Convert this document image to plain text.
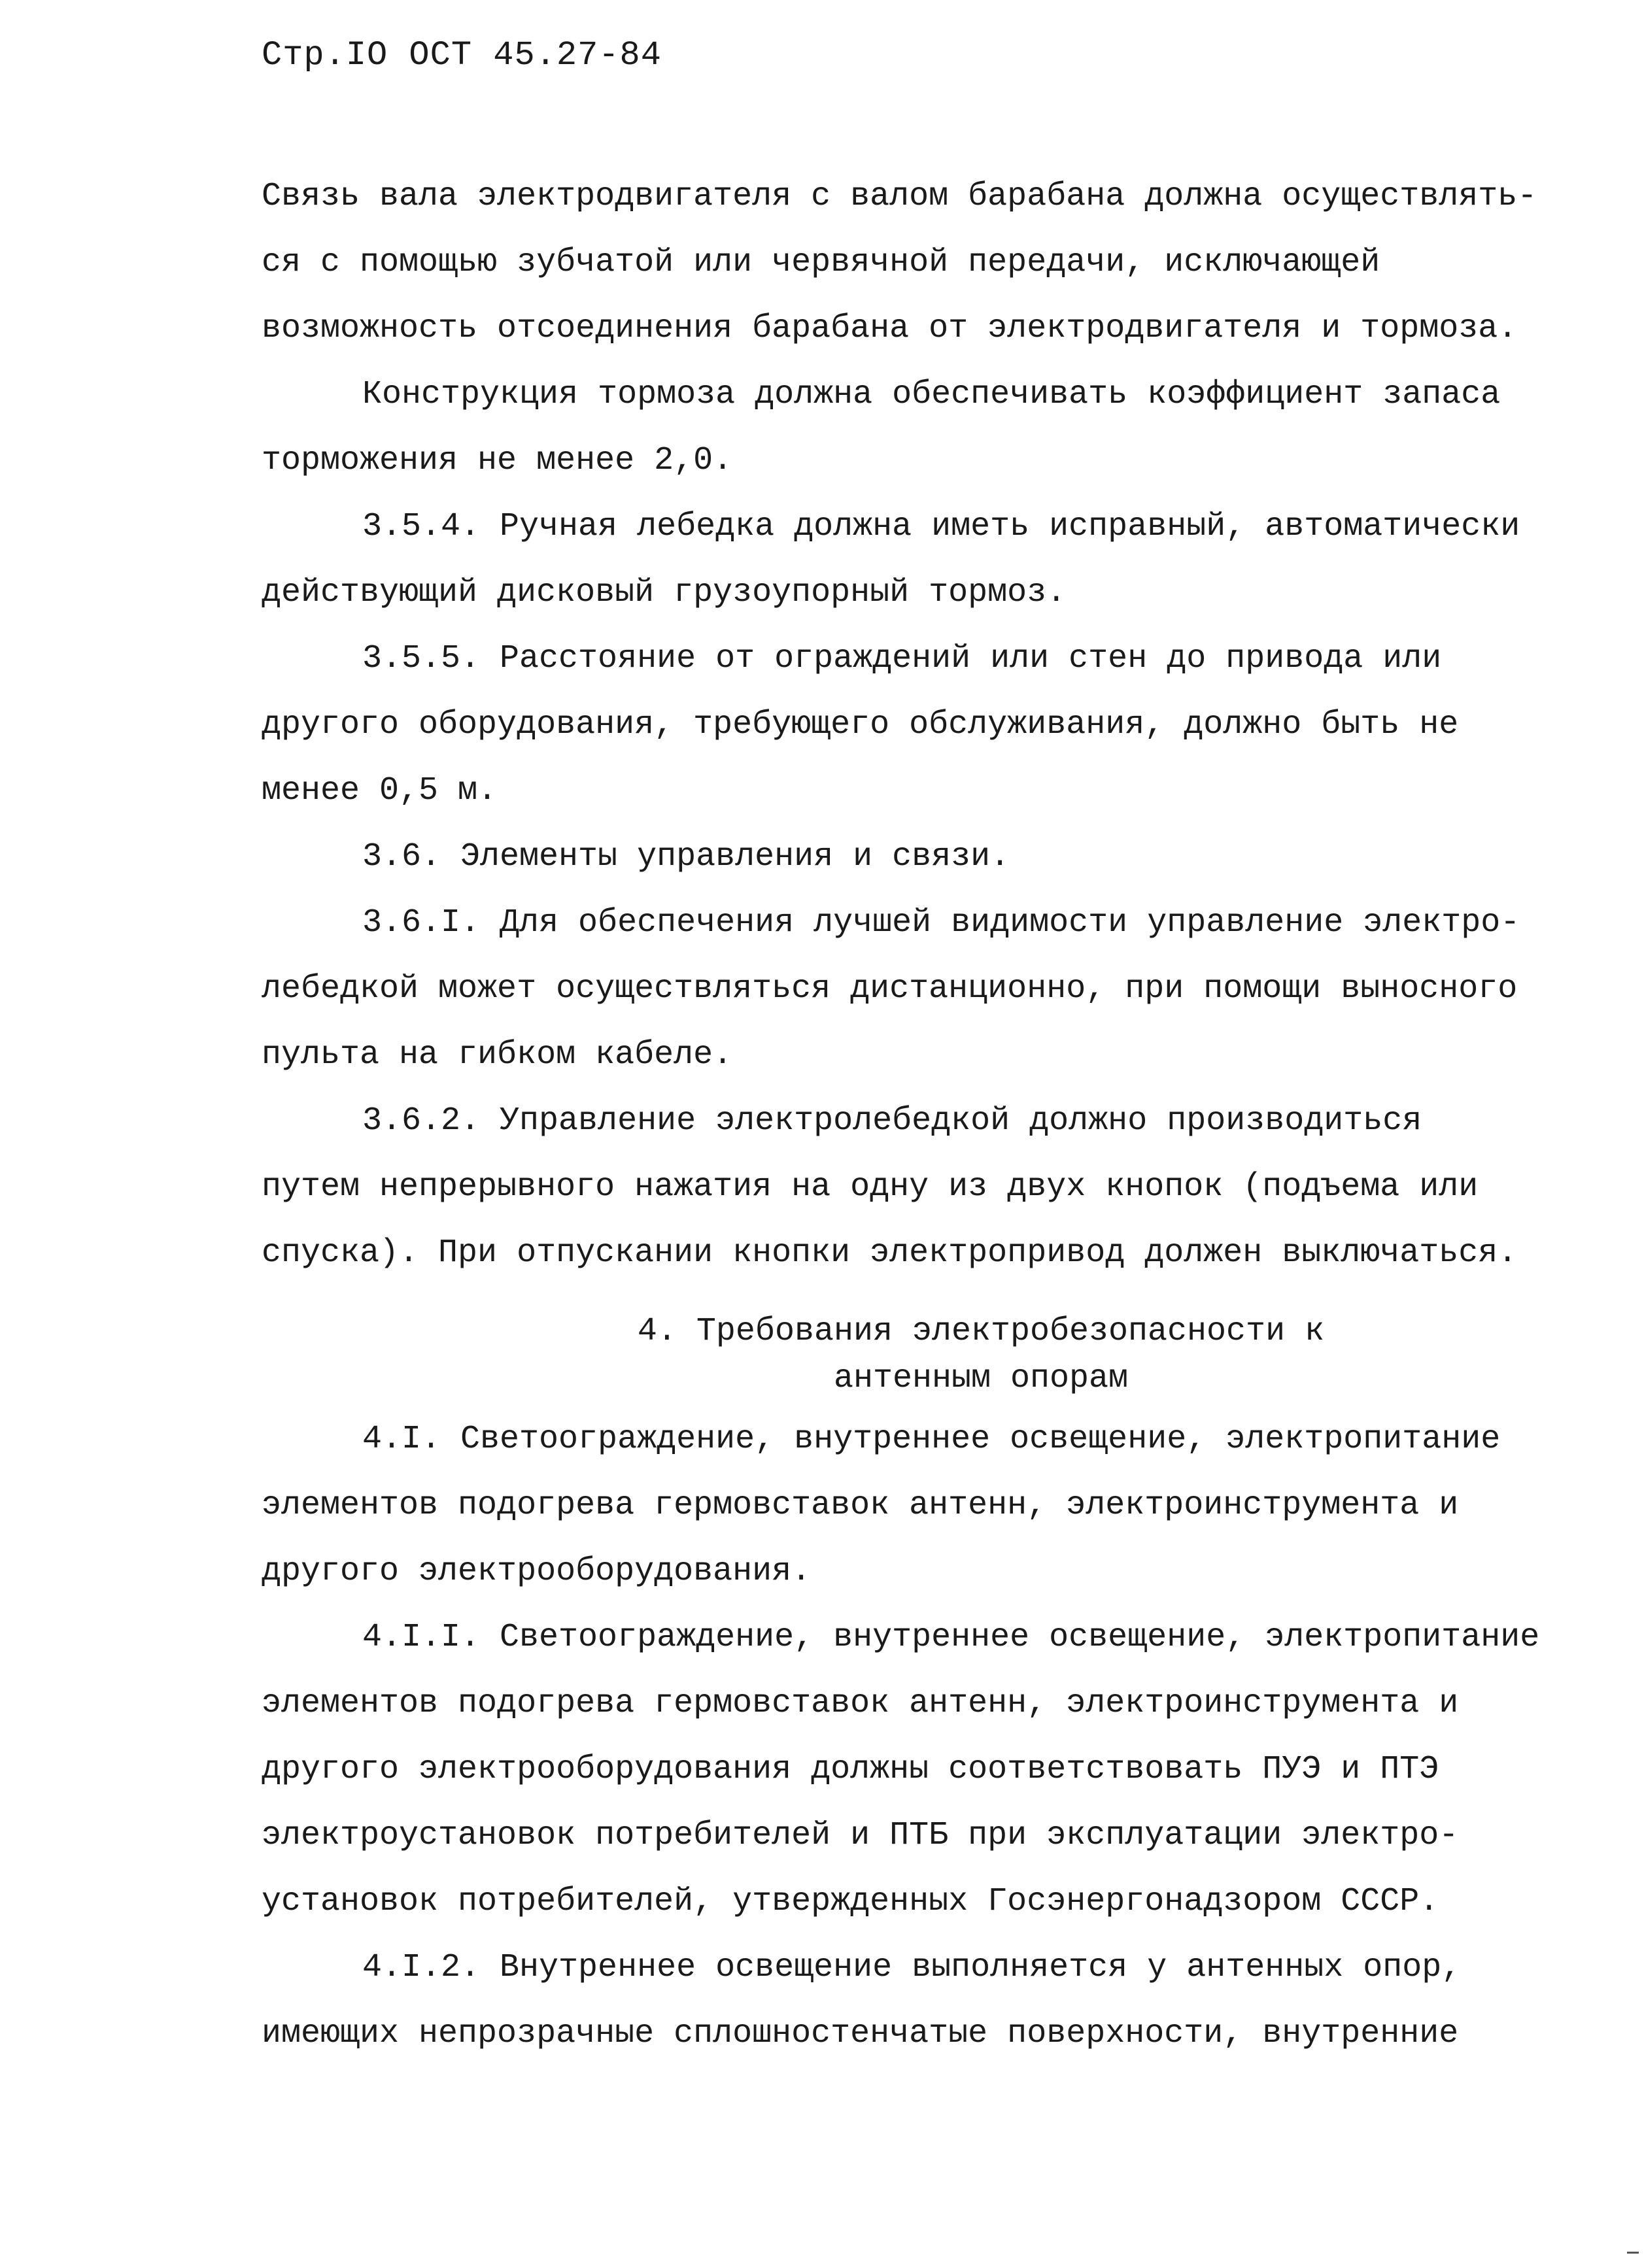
Стр.IO ОСТ 45.27-84
Связь вала электродвигателя с валом барабана должна осуществлять-
ся с помощью зубчатой или червячной передачи, исключающей
возможность отсоединения барабана от электродвигателя и тормоза.
Конструкция тормоза должна обеспечивать коэффициент запаса
торможения не менее 2,0.
3.5.4. Ручная лебедка должна иметь исправный, автоматически
действующий дисковый грузоупорный тормоз.
3.5.5. Расстояние от ограждений или стен до привода или
другого оборудования, требующего обслуживания, должно быть не
менее 0,5 м.
3.6. Элементы управления и связи.
3.6.I. Для обеспечения лучшей видимости управление электро-
лебедкой может осуществляться дистанционно, при помощи выносного
пульта на гибком кабеле.
3.6.2. Управление электролебедкой должно производиться
путем непрерывного нажатия на одну из двух кнопок (подъема или
спуска). При отпускании кнопки электропривод должен выключаться.
4. Требования электробезопасности к
антенным опорам
4.I. Светоограждение, внутреннее освещение, электропитание
элементов подогрева гермовставок антенн, электроинструмента и
другого электрооборудования.
4.I.I. Светоограждение, внутреннее освещение, электропитание
элементов подогрева гермовставок антенн, электроинструмента и
другого электрооборудования должны соответствовать ПУЭ и ПТЭ
электроустановок потребителей и ПТБ при эксплуатации электро-
установок потребителей, утвержденных Госэнергонадзором СССР.
4.I.2. Внутреннее освещение выполняется у антенных опор,
имеющих непрозрачные сплошностенчатые поверхности, внутренние
